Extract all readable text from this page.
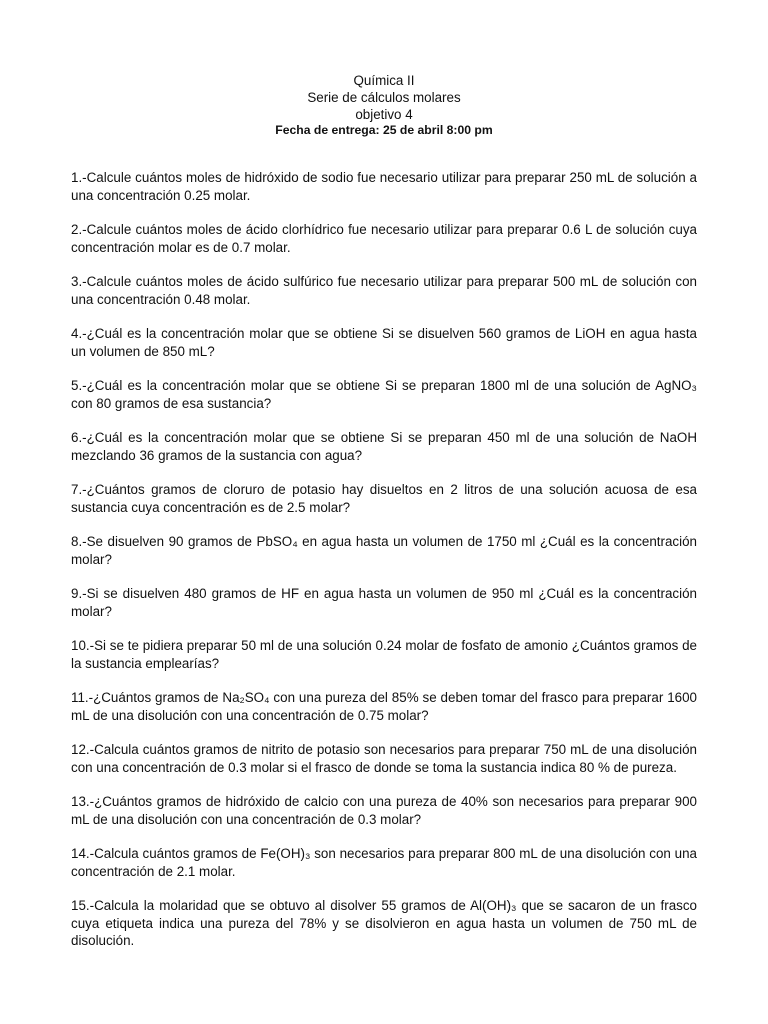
Química II
Serie de cálculos molares
objetivo 4
Fecha de entrega: 25 de abril 8:00 pm

1.-Calcule cuántos moles de hidróxido de sodio fue necesario utilizar para preparar 250 mL de solución a una concentración 0.25 molar.

2.-Calcule cuántos moles de ácido clorhídrico fue necesario utilizar para preparar 0.6 L de solución cuya concentración molar es de 0.7 molar.

3.-Calcule cuántos moles de ácido sulfúrico fue necesario utilizar para preparar 500 mL de solución con una concentración 0.48 molar.

4.-¿Cuál es la concentración molar que se obtiene Si se disuelven 560 gramos de LiOH en agua hasta un volumen de 850 mL?

5.-¿Cuál es la concentración molar que se obtiene Si se preparan 1800 ml de una solución de AgNO₃ con 80 gramos de esa sustancia?

6.-¿Cuál es la concentración molar que se obtiene Si se preparan 450 ml de una solución de NaOH mezclando 36 gramos de la sustancia con agua?

7.-¿Cuántos gramos de cloruro de potasio hay disueltos en 2 litros de una solución acuosa de esa sustancia cuya concentración es de 2.5 molar?

8.-Se disuelven 90 gramos de PbSO₄ en agua hasta un volumen de 1750 ml ¿Cuál es la concentración molar?

9.-Si se disuelven 480 gramos de HF en agua hasta un volumen de 950 ml ¿Cuál es la concentración molar?

10.-Si se te pidiera preparar 50 ml de una solución 0.24 molar de fosfato de amonio ¿Cuántos gramos de la sustancia emplearías?

11.-¿Cuántos gramos de Na₂SO₄ con una pureza del 85% se deben tomar del frasco para preparar 1600 mL de una disolución con una concentración de 0.75 molar?

12.-Calcula cuántos gramos de nitrito de potasio son necesarios para preparar 750 mL de una disolución con una concentración de 0.3 molar si el frasco de donde se toma la sustancia indica 80 % de pureza.

13.-¿Cuántos gramos de hidróxido de calcio con una pureza de 40% son necesarios para preparar 900 mL de una disolución con una concentración de 0.3 molar?

14.-Calcula cuántos gramos de Fe(OH)₃ son necesarios para preparar 800 mL de una disolución con una concentración de 2.1 molar.

15.-Calcula la molaridad que se obtuvo al disolver 55 gramos de Al(OH)₃ que se sacaron de un frasco cuya etiqueta indica una pureza del 78% y se disolvieron en agua hasta un volumen de 750 mL de disolución.
